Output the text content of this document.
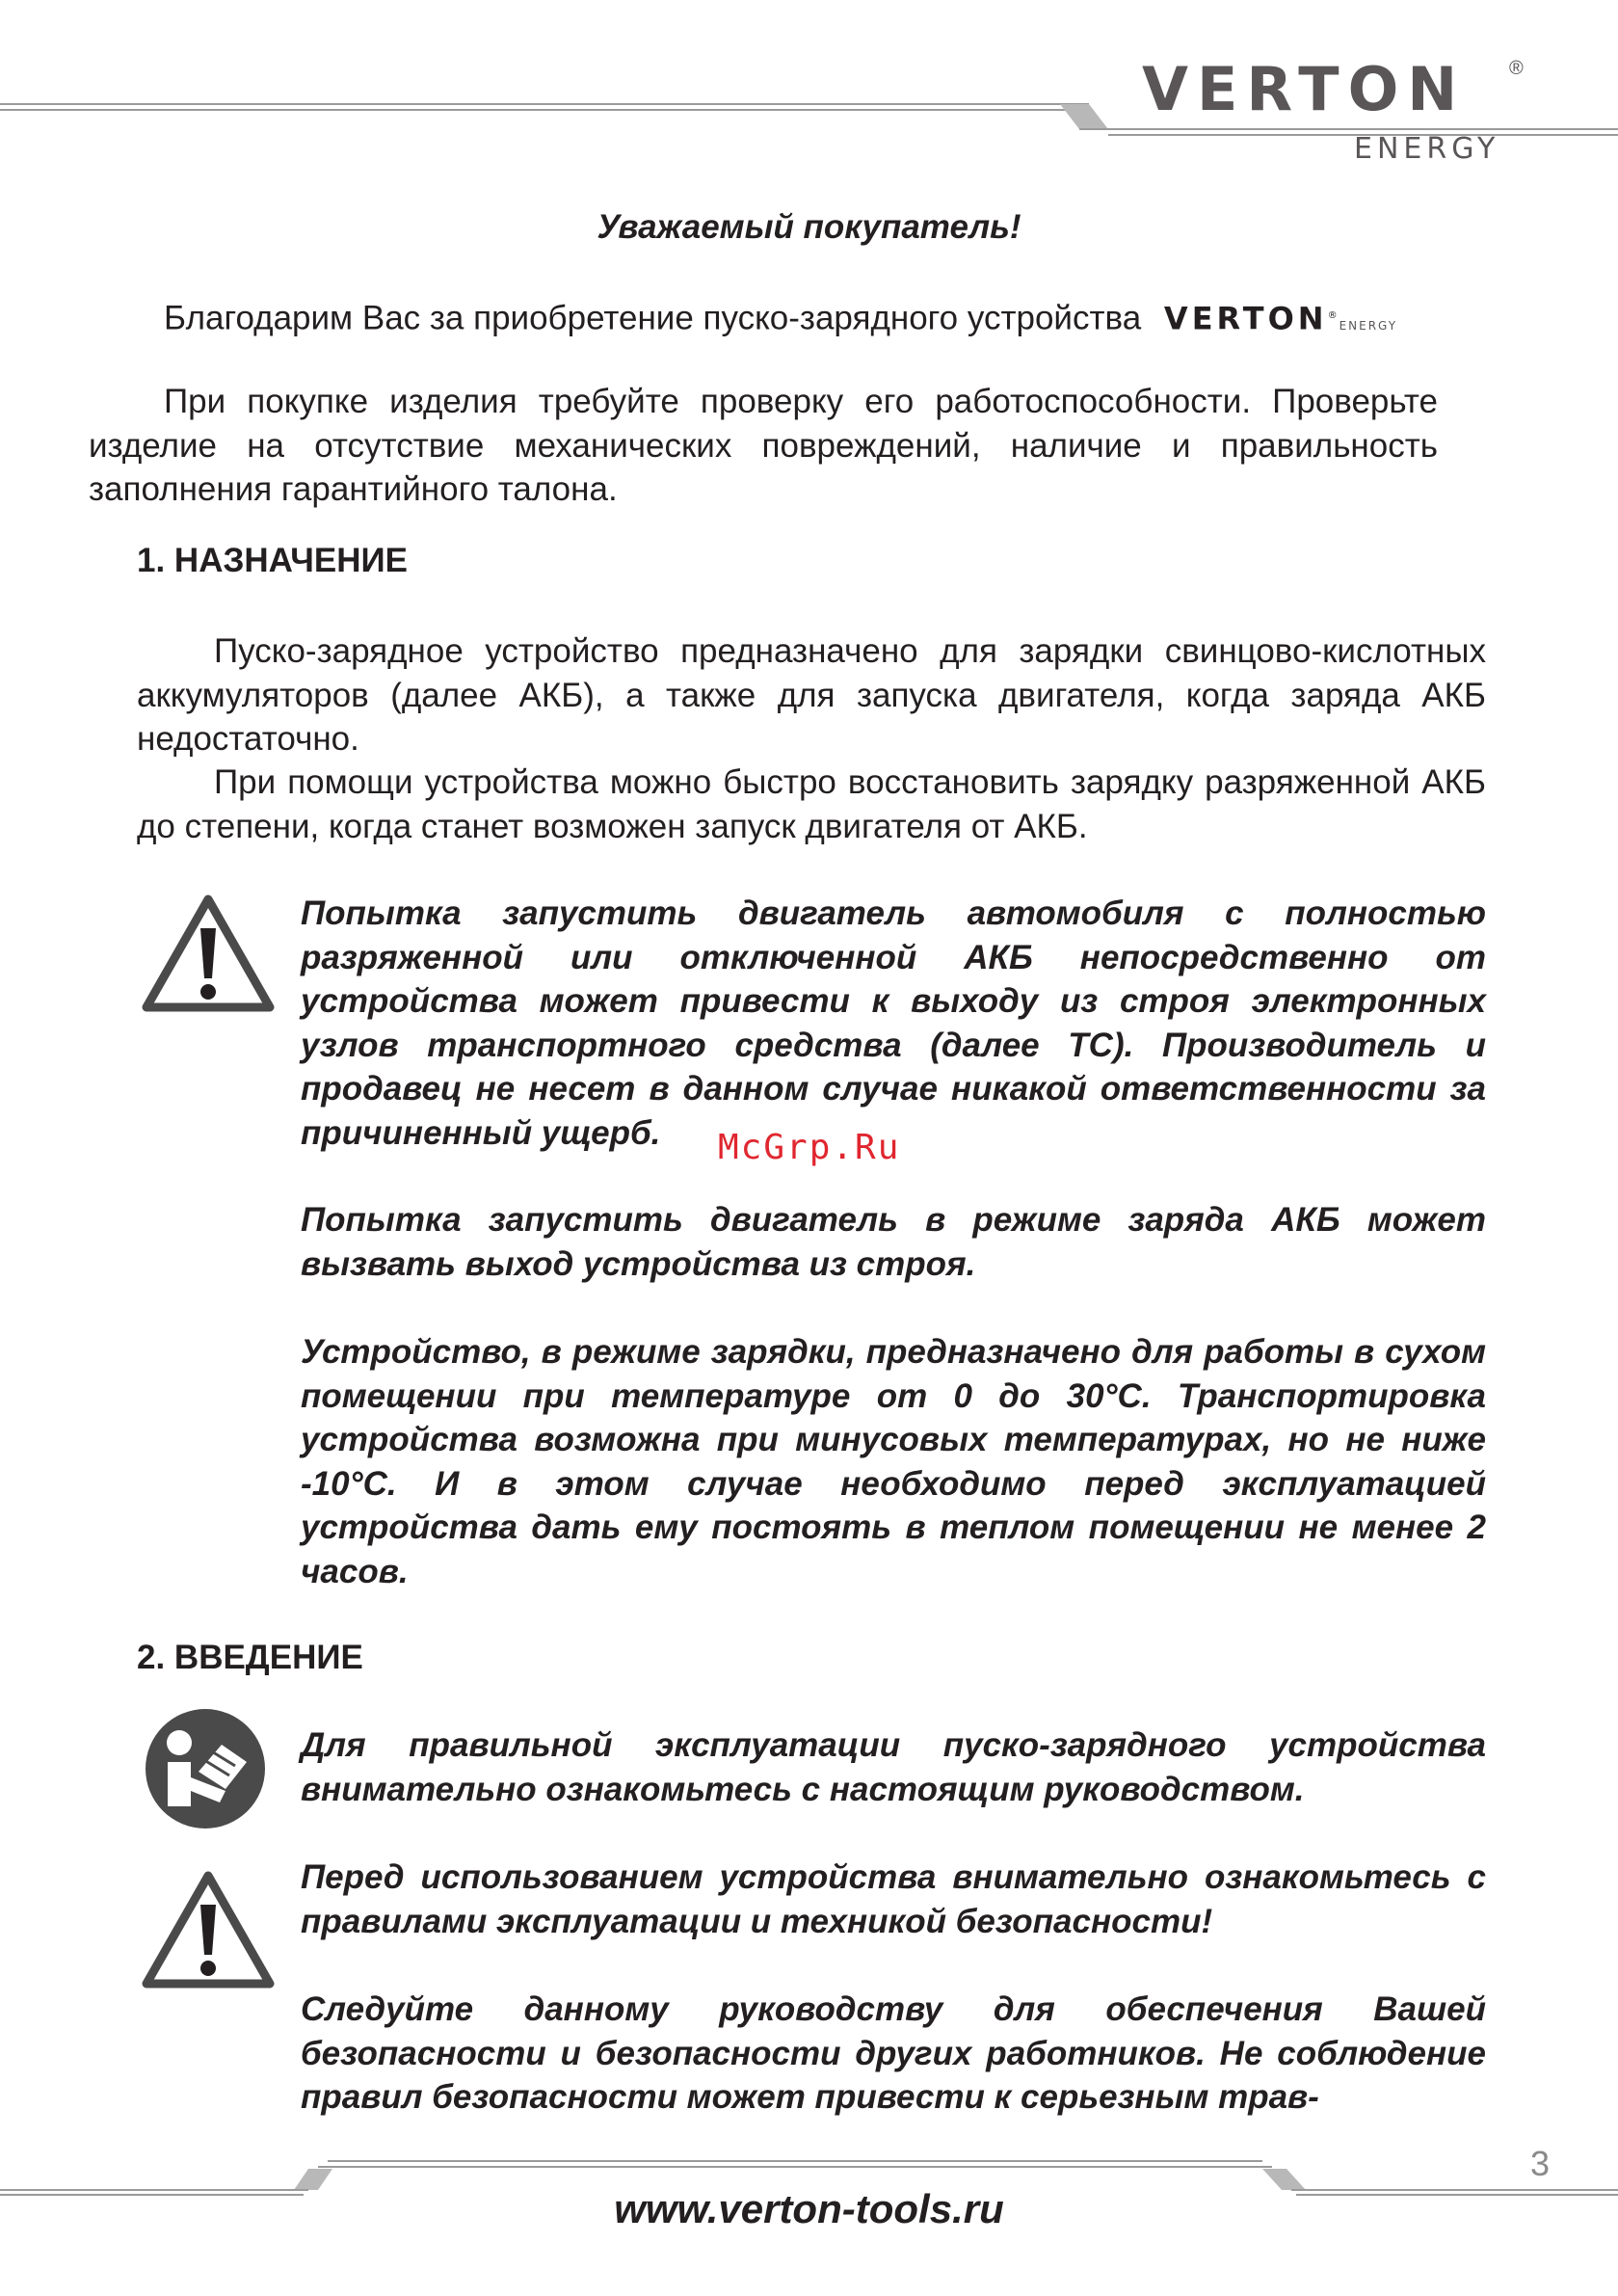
VERTON ®
ENERGY
Уважаемый покупатель!
Благодарим Вас за приобретение пуско-зарядного устройства VERTON®ENERGY
При покупке изделия требуйте проверку его работоспособности. Проверьте изделие на отсутствие механических повреждений, наличие и правильность заполнения гарантийного талона.
1. НАЗНАЧЕНИЕ
Пуско-зарядное устройство предназначено для зарядки свинцово-кислотных аккумуляторов (далее АКБ), а также для запуска двигателя, когда заряда АКБ недостаточно.
При помощи устройства можно быстро восстановить зарядку разряженной АКБ до степени, когда станет возможен запуск двигателя от АКБ.
Попытка запустить двигатель автомобиля с полностью разряженной или отключенной АКБ непосредственно от устройства может привести к выходу из строя электронных узлов транспортного средства (далее ТС). Производитель и продавец не несет в данном случае никакой ответственности за причиненный ущерб.	McGrp.Ru
Попытка запустить двигатель в режиме заряда АКБ может вызвать выход устройства из строя.
Устройство, в режиме зарядки, предназначено для работы в сухом помещении при температуре от 0 до 30°С. Транспортировка устройства возможна при минусовых температурах, но не ниже -10°С. И в этом случае необходимо перед эксплуатацией устройства дать ему постоять в теплом помещении не менее 2 часов.
2. ВВЕДЕНИЕ
Для правильной эксплуатации пуско-зарядного устройства внимательно ознакомьтесь с настоящим руководством.
Перед использованием устройства внимательно ознакомьтесь с правилами эксплуатации и техникой безопасности!
Следуйте данному руководству для обеспечения Вашей безопасности и безопасности других работников. Не соблюдение правил безопасности может привести к серьезным трав-
3
www.verton-tools.ru
